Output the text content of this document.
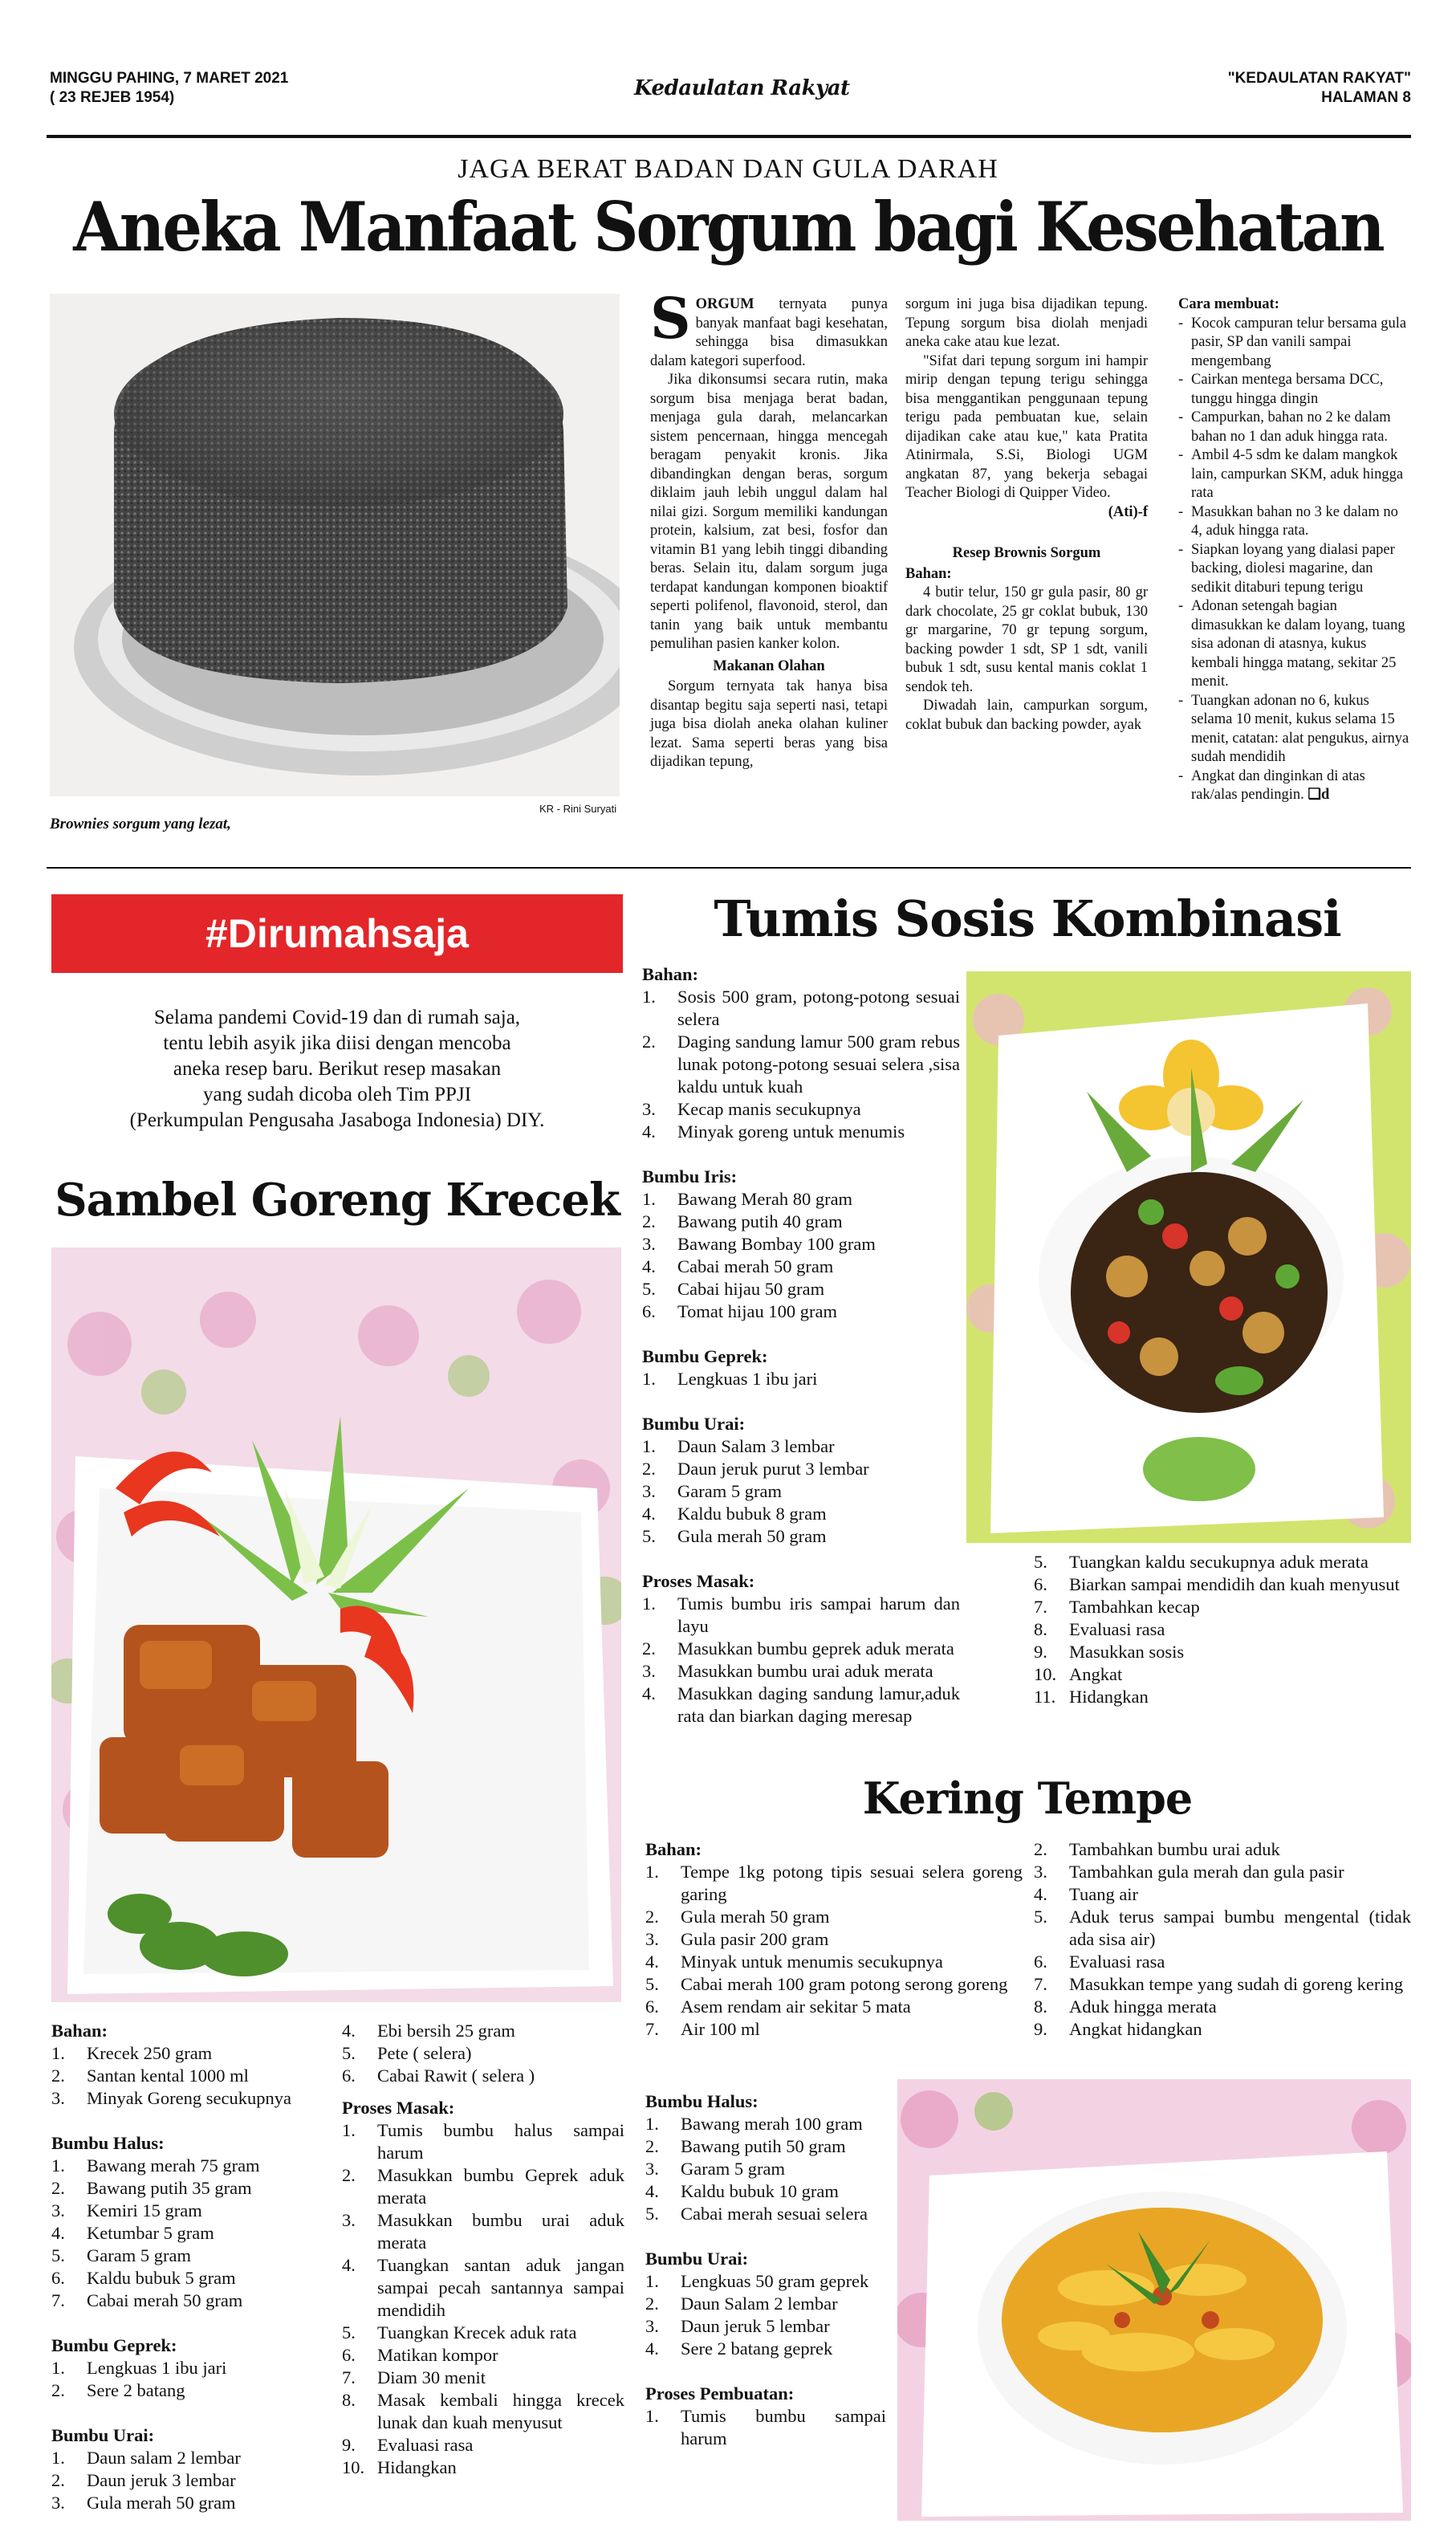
MINGGU PAHING, 7 MARET 2021
( 23 REJEB 1954)	Kedaulatan Rakyat	"KEDAULATAN RAKYAT"
HALAMAN 8
JAGA BERAT BADAN DAN GULA DARAH
Aneka Manfaat Sorgum bagi Kesehatan
KR - Rini Suryati
Brownies sorgum yang lezat,

SORGUM ternyata punya banyak manfaat bagi kesehatan, sehingga bisa dimasukkan dalam kategori superfood.

Jika dikonsumsi secara rutin, maka sorgum bisa menjaga berat badan, menjaga gula darah, melancarkan sistem pencernaan, hingga mencegah beragam penyakit kronis. Jika dibandingkan dengan beras, sorgum diklaim jauh lebih unggul dalam hal nilai gizi. Sorgum memiliki kandungan protein, kalsium, zat besi, fosfor dan vitamin B1 yang lebih tinggi dibanding beras. Selain itu, dalam sorgum juga terdapat kandungan komponen bioaktif seperti polifenol, flavonoid, sterol, dan tanin yang baik untuk membantu pemulihan pasien kanker kolon.

Makanan Olahan

Sorgum ternyata tak hanya bisa disantap begitu saja seperti nasi, tetapi juga bisa diolah aneka olahan kuliner lezat. Sama seperti beras yang bisa dijadikan tepung,

sorgum ini juga bisa dijadikan tepung. Tepung sorgum bisa diolah menjadi aneka cake atau kue lezat.

"Sifat dari tepung sorgum ini hampir mirip dengan tepung terigu sehingga bisa menggantikan penggunaan tepung terigu pada pembuatan kue, selain dijadikan cake atau kue," kata Pratita Atinirmala, S.Si, Biologi UGM angkatan 87, yang bekerja sebagai Teacher Biologi di Quipper Video.

(Ati)-f
Resep Brownis Sorgum
Bahan:

4 butir telur, 150 gr gula pasir, 80 gr dark chocolate, 25 gr coklat bubuk, 130 gr margarine, 70 gr tepung sorgum, backing powder 1 sdt, SP 1 sdt, vanili bubuk 1 sdt, susu kental manis coklat 1 sendok teh.

Diwadah lain, campurkan sorgum, coklat bubuk dan backing powder, ayak

Cara membuat:
- Kocok campuran telur bersama gula pasir, SP dan vanili sampai mengembang
- Cairkan mentega bersama DCC, tunggu hingga dingin
- Campurkan, bahan no 2 ke dalam bahan no 1 dan aduk hingga rata.
- Ambil 4-5 sdm ke dalam mangkok lain, campurkan SKM, aduk hingga rata
- Masukkan bahan no 3 ke dalam no 4, aduk hingga rata.
- Siapkan loyang yang dialasi paper backing, diolesi magarine, dan sedikit ditaburi tepung terigu
- Adonan setengah bagian dimasukkan ke dalam loyang, tuang sisa adonan di atasnya, kukus kembali hingga matang, sekitar 25 menit.
- Tuangkan adonan no 6, kukus selama 10 menit, kukus selama 15 menit, catatan: alat pengukus, airnya sudah mendidih
- Angkat dan dinginkan di atas rak/alas pendingin. ❏d
#Dirumahsaja
Selama pandemi Covid-19 dan di rumah saja,
tentu lebih asyik jika diisi dengan mencoba
aneka resep baru. Berikut resep masakan
yang sudah dicoba oleh Tim PPJI
(Perkumpulan Pengusaha Jasaboga Indonesia) DIY.
Sambel Goreng Krecek
Bahan:
1. Krecek 250 gram
2. Santan kental 1000 ml
3. Minyak Goreng secukupnya
Bumbu Halus:
1. Bawang merah 75 gram
2. Bawang putih 35 gram
3. Kemiri 15 gram
4. Ketumbar 5 gram
5. Garam 5 gram
6. Kaldu bubuk 5 gram
7. Cabai merah 50 gram
Bumbu Geprek:
1. Lengkuas 1 ibu jari
2. Sere 2 batang
Bumbu Urai:
1. Daun salam 2 lembar
2. Daun jeruk 3 lembar
3. Gula merah 50 gram
4. Ebi bersih 25 gram
5. Pete ( selera)
6. Cabai Rawit ( selera )
Proses Masak:
1. Tumis bumbu halus sampai harum
2. Masukkan bumbu Geprek aduk merata
3. Masukkan bumbu urai aduk merata
4. Tuangkan santan aduk jangan sampai pecah santannya sampai mendidih
5. Tuangkan Krecek aduk rata
6. Matikan kompor
7. Diam 30 menit
8. Masak kembali hingga krecek lunak dan kuah menyusut
9. Evaluasi rasa
10. Hidangkan
Tumis Sosis Kombinasi
Bahan:
1. Sosis 500 gram, potong-potong sesuai selera
2. Daging sandung lamur 500 gram rebus lunak potong-potong sesuai selera ,sisa kaldu untuk kuah
3. Kecap manis secukupnya
4. Minyak goreng untuk menumis
Bumbu Iris:
1. Bawang Merah 80 gram
2. Bawang putih 40 gram
3. Bawang Bombay 100 gram
4. Cabai merah 50 gram
5. Cabai hijau 50 gram
6. Tomat hijau 100 gram
Bumbu Geprek:
1. Lengkuas 1 ibu jari
Bumbu Urai:
1. Daun Salam 3 lembar
2. Daun jeruk purut 3 lembar
3. Garam 5 gram
4. Kaldu bubuk 8 gram
5. Gula merah 50 gram
Proses Masak:
1. Tumis bumbu iris sampai harum dan layu
2. Masukkan bumbu geprek aduk merata
3. Masukkan bumbu urai aduk merata
4. Masukkan daging sandung lamur,aduk rata dan biarkan daging meresap
5. Tuangkan kaldu secukupnya aduk merata
6. Biarkan sampai mendidih dan kuah menyusut
7. Tambahkan kecap
8. Evaluasi rasa
9. Masukkan sosis
10. Angkat
11. Hidangkan
Kering Tempe
Bahan:
1. Tempe 1kg potong tipis sesuai selera goreng garing
2. Gula merah 50 gram
3. Gula pasir 200 gram
4. Minyak untuk menumis secukupnya
5. Cabai merah 100 gram potong serong goreng
6. Asem rendam air sekitar 5 mata
7. Air 100 ml
Bumbu Halus:
1. Bawang merah 100 gram
2. Bawang putih 50 gram
3. Garam 5 gram
4. Kaldu bubuk 10 gram
5. Cabai merah sesuai selera
Bumbu Urai:
1. Lengkuas 50 gram geprek
2. Daun Salam 2 lembar
3. Daun jeruk 5 lembar
4. Sere 2 batang geprek
Proses Pembuatan:
1. Tumis bumbu sampai harum
2. Tambahkan bumbu urai aduk
3. Tambahkan gula merah dan gula pasir
4. Tuang air
5. Aduk terus sampai bumbu mengental (tidak ada sisa air)
6. Evaluasi rasa
7. Masukkan tempe yang sudah di goreng kering
8. Aduk hingga merata
9. Angkat hidangkan
